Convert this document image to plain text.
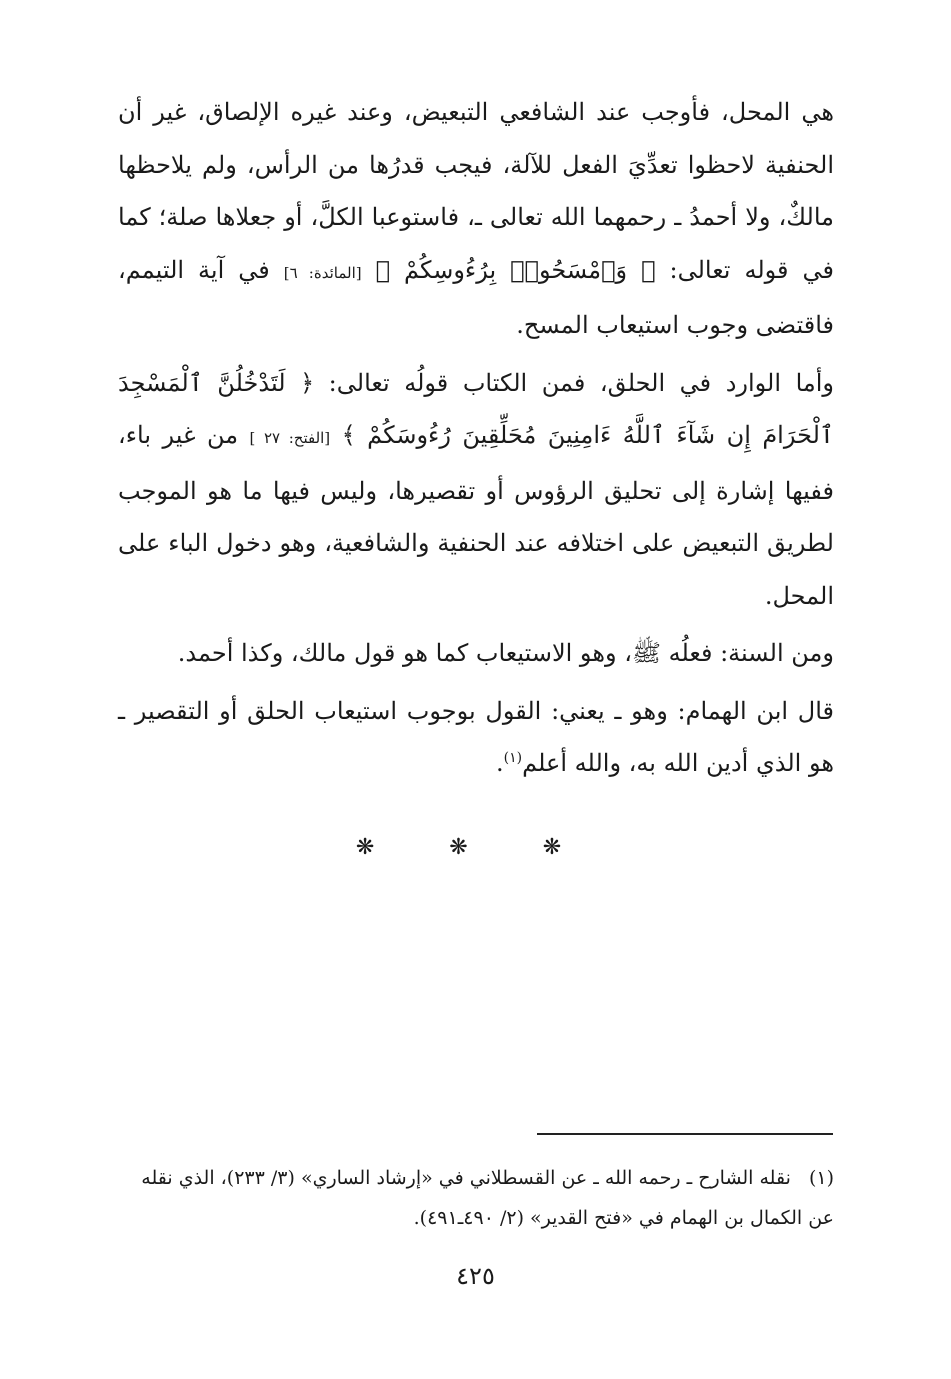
هي المحل، فأوجب عند الشافعي التبعيض، وعند غيره الإلصاق، غير أن الحنفية لاحظوا تعدِّيَ الفعل للآلة، فيجب قدرُها من الرأس، ولم يلاحظها مالكٌ، ولا أحمدُ ـ رحمهما الله تعالى ـ، فاستوعبا الكلَّ، أو جعلاها صلة؛ كما في قوله تعالى: ﴿ وَٱمْسَحُوا۟ بِرُءُوسِكُمْ ﴾ [المائدة: ٦] في آية التيمم، فاقتضى وجوب استيعاب المسح.

وأما الوارد في الحلق، فمن الكتاب قولُه تعالى: ﴿ لَتَدْخُلُنَّ ٱلْمَسْجِدَ ٱلْحَرَامَ إِن شَآءَ ٱللَّهُ ءَامِنِينَ مُحَلِّقِينَ رُءُوسَكُمْ ﴾ [الفتح: ٢٧ ] من غير باء، ففيها إشارة إلى تحليق الرؤوس أو تقصيرها، وليس فيها ما هو الموجب لطريق التبعيض على اختلافه عند الحنفية والشافعية، وهو دخول الباء على المحل.

ومن السنة: فعلُه ﷺ، وهو الاستيعاب كما هو قول مالك، وكذا أحمد.

قال ابن الهمام: وهو ـ يعني: القول بوجوب استيعاب الحلق أو التقصير ـ هو الذي أدين الله به، والله أعلم$^{(١)}$.

❋ ❋ ❋
(١) نقله الشارح ـ رحمه الله ـ عن القسطلاني في «إرشاد الساري» (٣/ ٢٣٣)، الذي نقله عن الكمال بن الهمام في «فتح القدير» (٢/ ٤٩٠ـ٤٩١).
٤٢٥
